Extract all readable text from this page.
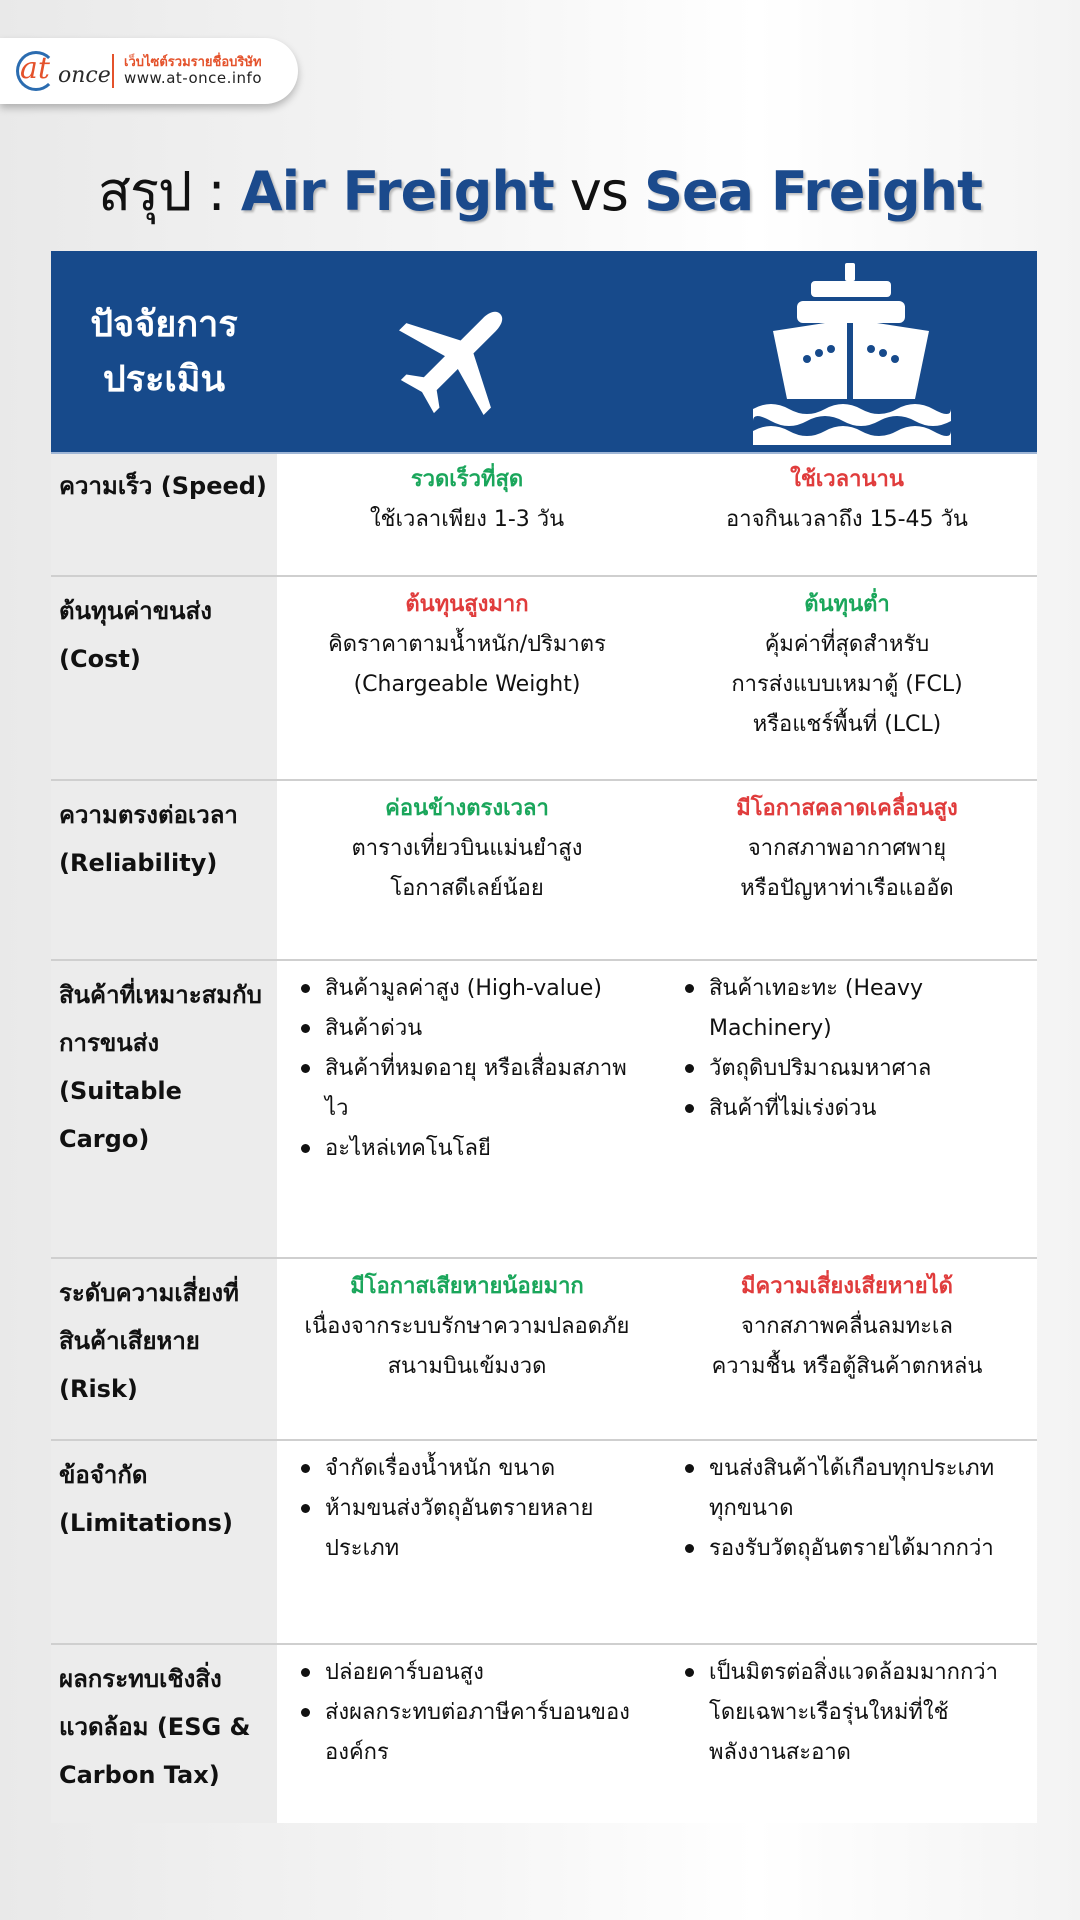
at once
เว็บไซต์รวมรายชื่อบริษัท
www.at-once.info
สรุป : Air Freight vs Sea Freight
ปัจจัยการ
ประเมิน
ความเร็ว (Speed)	รวดเร็วที่สุด
ใช้เวลาเพียง 1-3 วัน
ใช้เวลานาน
อาจกินเวลาถึง 15-45 วัน
ต้นทุนค่าขนส่ง (Cost)
ต้นทุนสูงมาก
คิดราคาตามน้ำหนัก/ปริมาตร
(Chargeable Weight)
ต้นทุนต่ำ
คุ้มค่าที่สุดสำหรับ
การส่งแบบเหมาตู้ (FCL)
หรือแชร์พื้นที่ (LCL)
ความตรงต่อเวลา (Reliability)
ค่อนข้างตรงเวลา
ตารางเที่ยวบินแม่นยำสูง
โอกาสดีเลย์น้อย
มีโอกาสคลาดเคลื่อนสูง
จากสภาพอากาศพายุ
หรือปัญหาท่าเรือแออัด
สินค้าที่เหมาะสมกับการขนส่ง (Suitable Cargo)
สินค้ามูลค่าสูง (High-value)
สินค้าด่วน
สินค้าที่หมดอายุ หรือเสื่อมสภาพไว
อะไหล่เทคโนโลยี
สินค้าเทอะทะ (Heavy Machinery)
วัตถุดิบปริมาณมหาศาล
สินค้าที่ไม่เร่งด่วน
ระดับความเสี่ยงที่สินค้าเสียหาย (Risk)
มีโอกาสเสียหายน้อยมาก
เนื่องจากระบบรักษาความปลอดภัย
สนามบินเข้มงวด
มีความเสี่ยงเสียหายได้
จากสภาพคลื่นลมทะเล
ความชื้น หรือตู้สินค้าตกหล่น
ข้อจำกัด (Limitations)
จำกัดเรื่องน้ำหนัก ขนาด
ห้ามขนส่งวัตถุอันตรายหลายประเภท
ขนส่งสินค้าได้เกือบทุกประเภททุกขนาด
รองรับวัตถุอันตรายได้มากกว่า
ผลกระทบเชิงสิ่งแวดล้อม (ESG & Carbon Tax)
ปล่อยคาร์บอนสูง
ส่งผลกระทบต่อภาษีคาร์บอนขององค์กร
เป็นมิตรต่อสิ่งแวดล้อมมากกว่า โดยเฉพาะเรือรุ่นใหม่ที่ใช้พลังงานสะอาด
